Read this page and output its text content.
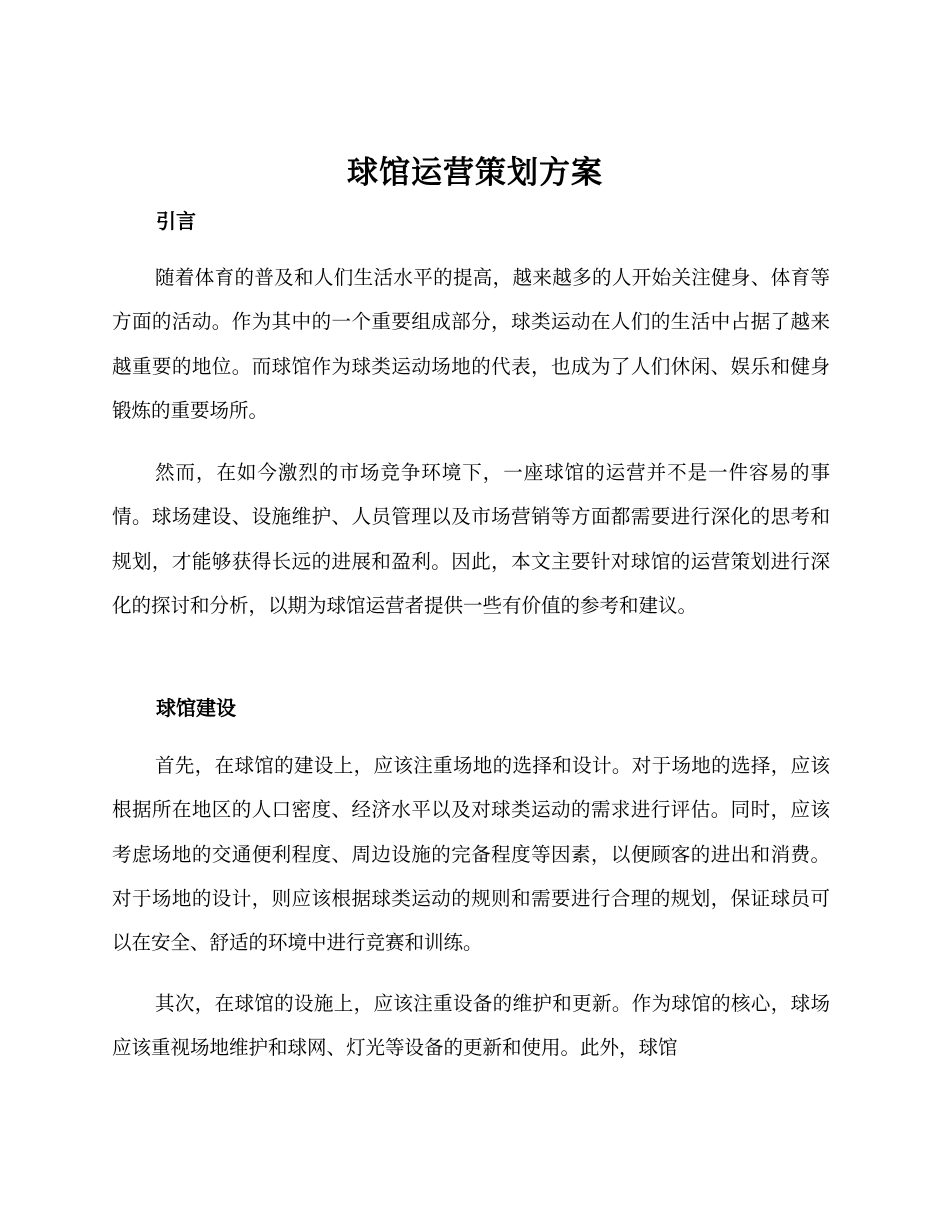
球馆运营策划方案
引言

随着体育的普及和人们生活水平的提高，越来越多的人开始关注健身、体育等方面的活动。作为其中的一个重要组成部分，球类运动在人们的生活中占据了越来越重要的地位。而球馆作为球类运动场地的代表，也成为了人们休闲、娱乐和健身锻炼的重要场所。

然而，在如今激烈的市场竞争环境下，一座球馆的运营并不是一件容易的事情。球场建设、设施维护、人员管理以及市场营销等方面都需要进行深化的思考和规划，才能够获得长远的进展和盈利。因此，本文主要针对球馆的运营策划进行深化的探讨和分析，以期为球馆运营者提供一些有价值的参考和建议。

球馆建设

首先，在球馆的建设上，应该注重场地的选择和设计。对于场地的选择，应该根据所在地区的人口密度、经济水平以及对球类运动的需求进行评估。同时，应该考虑场地的交通便利程度、周边设施的完备程度等因素，以便顾客的进出和消费。对于场地的设计，则应该根据球类运动的规则和需要进行合理的规划，保证球员可以在安全、舒适的环境中进行竞赛和训练。

其次，在球馆的设施上，应该注重设备的维护和更新。作为球馆的核心，球场应该重视场地维护和球网、灯光等设备的更新和使用。此外，球馆
